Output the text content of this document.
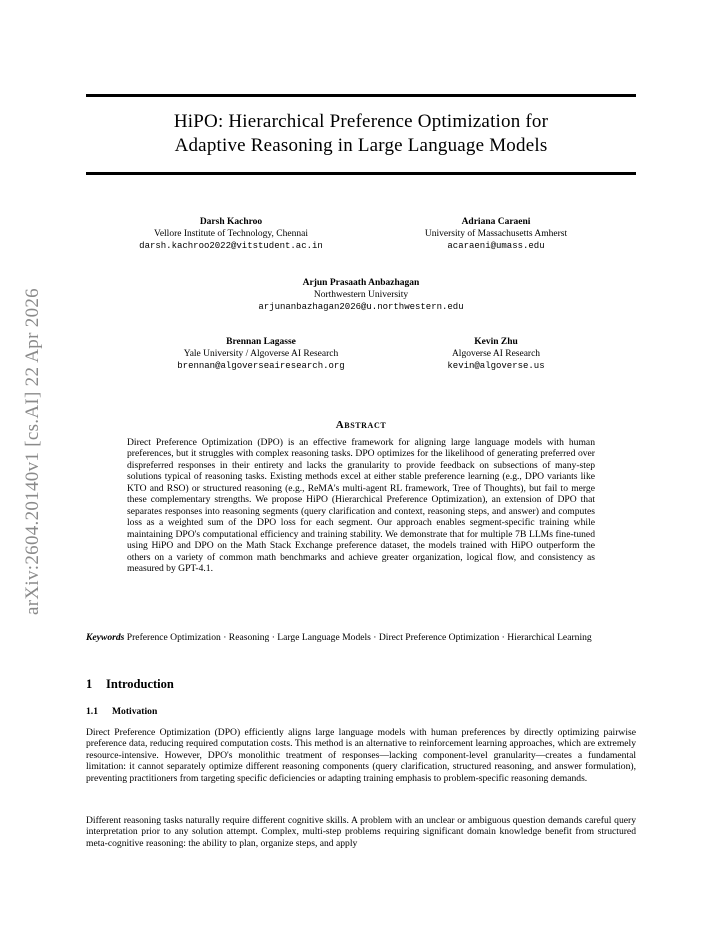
arXiv:2604.20140v1 [cs.AI] 22 Apr 2026
HiPO: Hierarchical Preference Optimization for
Adaptive Reasoning in Large Language Models
Darsh Kachroo
Vellore Institute of Technology, Chennai
darsh.kachroo2022@vitstudent.ac.in
Adriana Caraeni
University of Massachusetts Amherst
acaraeni@umass.edu
Arjun Prasaath Anbazhagan
Northwestern University
arjunanbazhagan2026@u.northwestern.edu
Brennan Lagasse
Yale University / Algoverse AI Research
brennan@algoverseairesearch.org
Kevin Zhu
Algoverse AI Research
kevin@algoverse.us
Abstract
Direct Preference Optimization (DPO) is an effective framework for aligning large language models with human preferences, but it struggles with complex reasoning tasks. DPO optimizes for the likelihood of generating preferred over dispreferred responses in their entirety and lacks the granularity to provide feedback on subsections of many-step solutions typical of reasoning tasks. Existing methods excel at either stable preference learning (e.g., DPO variants like KTO and RSO) or structured reasoning (e.g., ReMA's multi-agent RL framework, Tree of Thoughts), but fail to merge these complementary strengths. We propose HiPO (Hierarchical Preference Optimization), an extension of DPO that separates responses into reasoning segments (query clarification and context, reasoning steps, and answer) and computes loss as a weighted sum of the DPO loss for each segment. Our approach enables segment-specific training while maintaining DPO's computational efficiency and training stability. We demonstrate that for multiple 7B LLMs fine-tuned using HiPO and DPO on the Math Stack Exchange preference dataset, the models trained with HiPO outperform the others on a variety of common math benchmarks and achieve greater organization, logical flow, and consistency as measured by GPT-4.1.
Keywords Preference Optimization · Reasoning · Large Language Models · Direct Preference Optimization · Hierarchical Learning
1 Introduction
1.1 Motivation
Direct Preference Optimization (DPO) efficiently aligns large language models with human preferences by directly optimizing pairwise preference data, reducing required computation costs. This method is an alternative to reinforcement learning approaches, which are extremely resource-intensive. However, DPO's monolithic treatment of responses—lacking component-level granularity—creates a fundamental limitation: it cannot separately optimize different reasoning components (query clarification, structured reasoning, and answer formulation), preventing practitioners from targeting specific deficiencies or adapting training emphasis to problem-specific reasoning demands.
Different reasoning tasks naturally require different cognitive skills. A problem with an unclear or ambiguous question demands careful query interpretation prior to any solution attempt. Complex, multi-step problems requiring significant domain knowledge benefit from structured meta-cognitive reasoning: the ability to plan, organize steps, and apply
